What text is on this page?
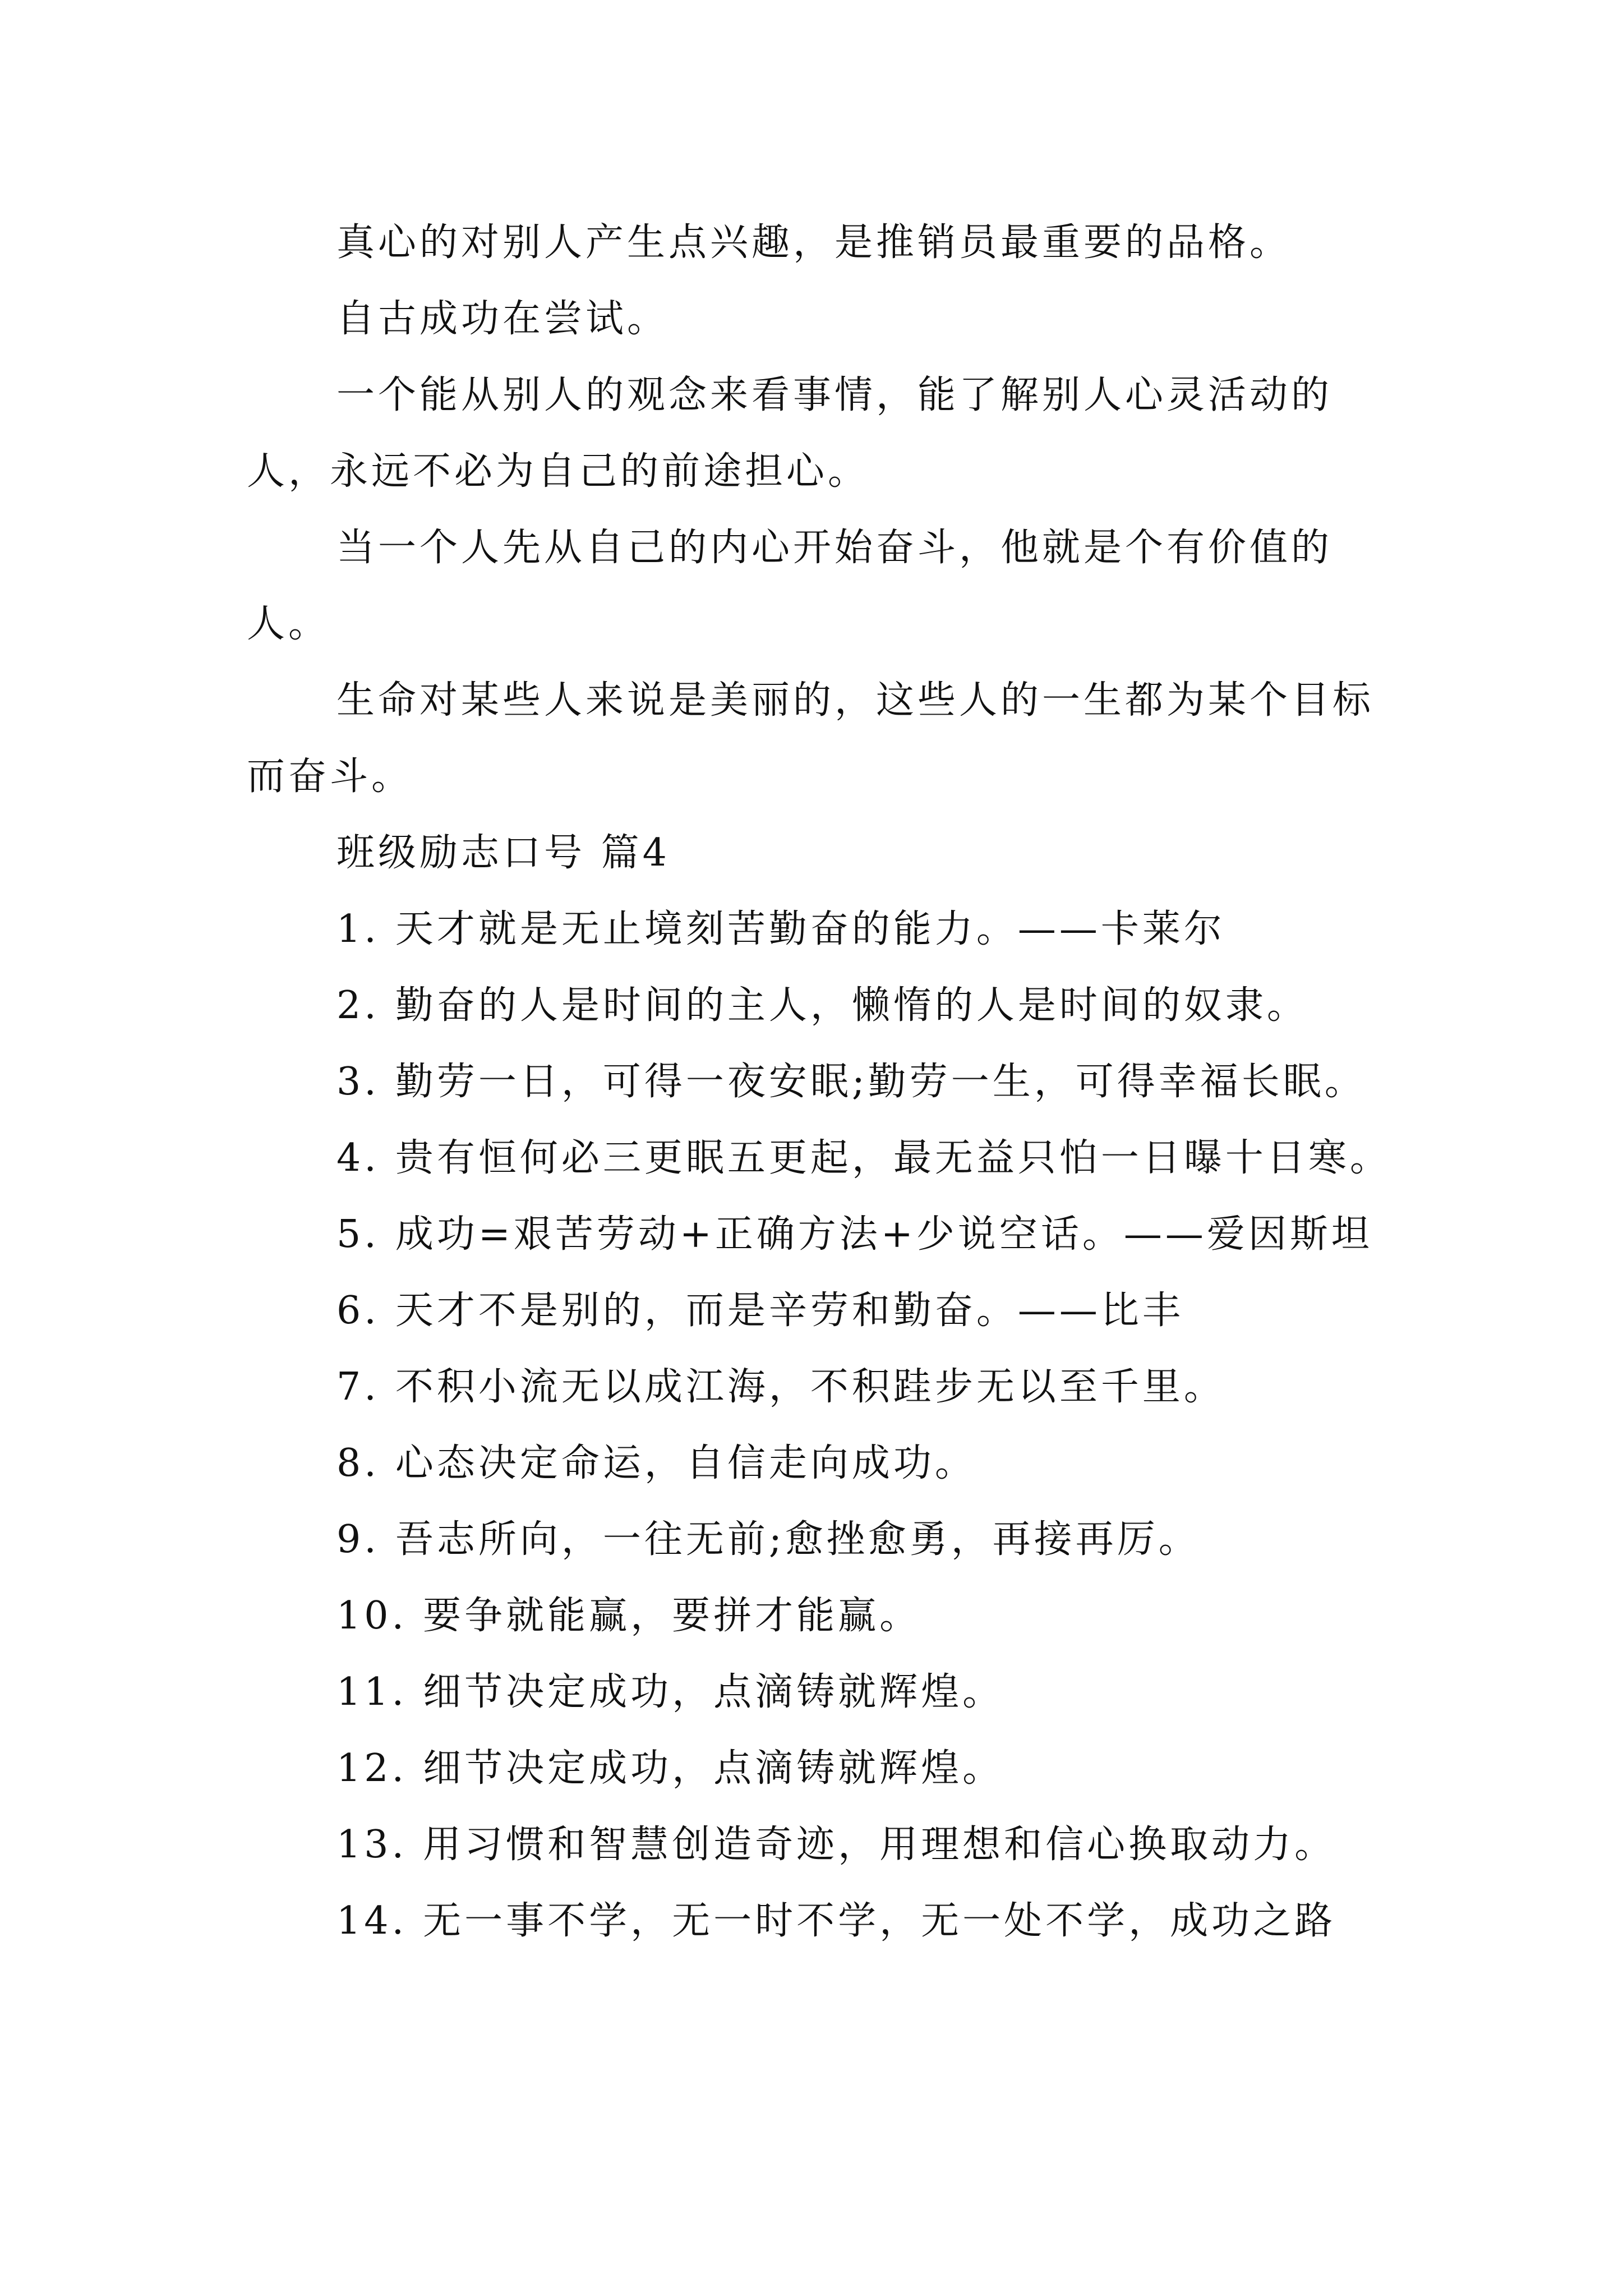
真心的对别人产生点兴趣，是推销员最重要的品格。

自古成功在尝试。

一个能从别人的观念来看事情，能了解别人心灵活动的人，永远不必为自己的前途担心。

当一个人先从自己的内心开始奋斗，他就是个有价值的人。

生命对某些人来说是美丽的，这些人的一生都为某个目标而奋斗。

班级励志口号 篇4

1. 天才就是无止境刻苦勤奋的能力。——卡莱尔

2. 勤奋的人是时间的主人，懒惰的人是时间的奴隶。

3. 勤劳一日，可得一夜安眠;勤劳一生，可得幸福长眠。

4. 贵有恒何必三更眠五更起，最无益只怕一日曝十日寒。

5. 成功=艰苦劳动+正确方法+少说空话。——爱因斯坦

6. 天才不是别的，而是辛劳和勤奋。——比丰

7. 不积小流无以成江海，不积跬步无以至千里。

8. 心态决定命运，自信走向成功。

9. 吾志所向，一往无前;愈挫愈勇，再接再厉。

10. 要争就能赢，要拼才能赢。

11. 细节决定成功，点滴铸就辉煌。

12. 细节决定成功，点滴铸就辉煌。

13. 用习惯和智慧创造奇迹，用理想和信心换取动力。

14. 无一事不学，无一时不学，无一处不学，成功之路
